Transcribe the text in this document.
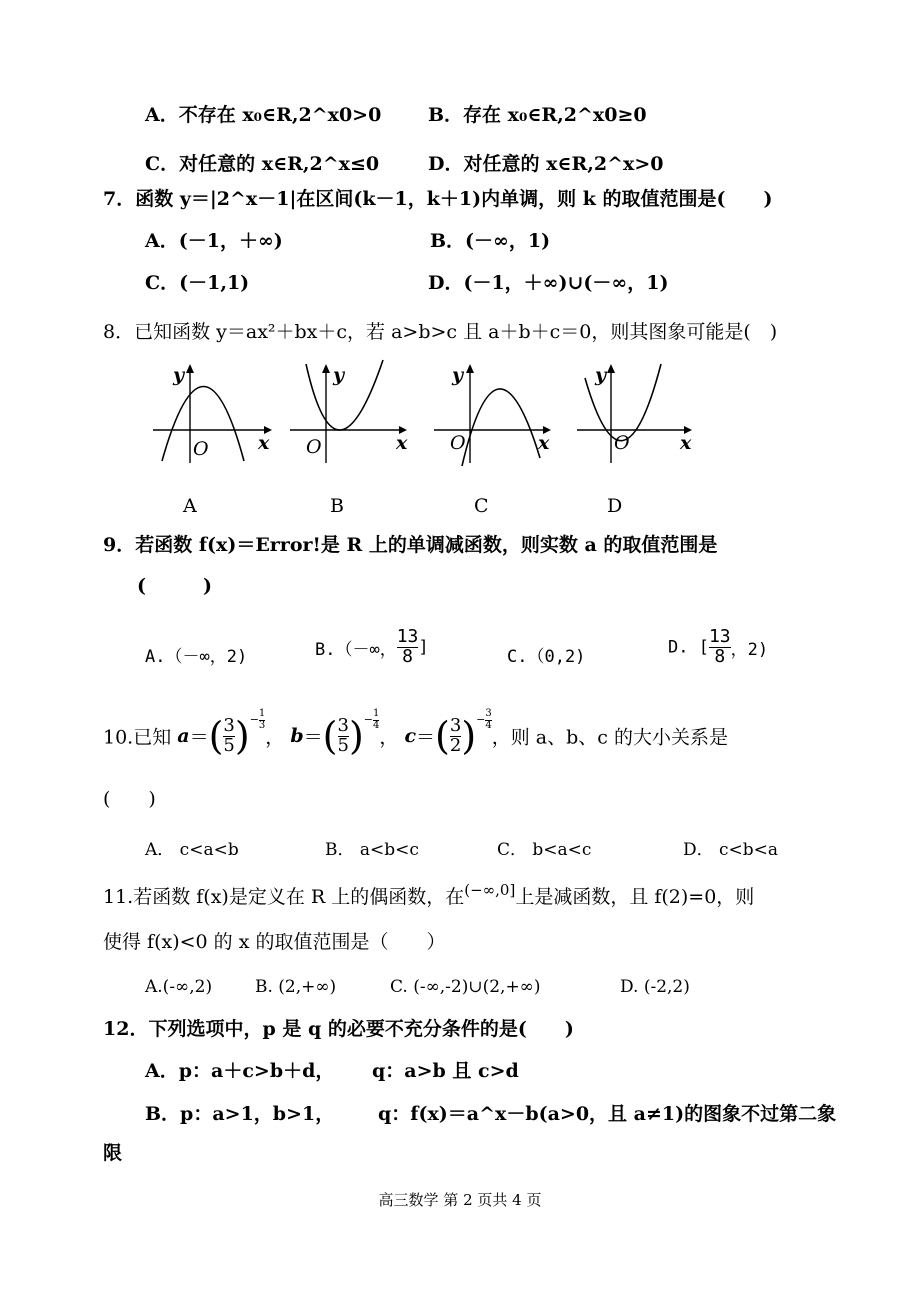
A．不存在 x₀∈R,2^x0>0 B．存在 x₀∈R,2^x0≥0
C．对任意的 x∈R,2^x≤0	D．对任意的 x∈R,2^x>0
7．函数 y＝|2^x－1|在区间(k－1，k＋1)内单调，则 k 的取值范围是(　　)
A．(－1，＋∞)	B．(－∞，1)
C．(－1,1)	D．(－1，＋∞)∪(－∞，1)
8．已知函数 y＝ax²＋bx＋c，若 a>b>c 且 a＋b＋c＝0，则其图象可能是(　)
y
x
O
A
y
x
O
B
y
x
O
C
y
x
O
D
9．若函数 f(x)＝Error!是 R 上的单调减函数，则实数 a 的取值范围是
(　　　)
A.（－∞，2)	B.（－∞， $\frac{13}{8}$ ]	C.（0,2)	D. [ $\frac{13}{8}$ ，2)
10.已知 $a=( \frac{3}{5} )^{- \frac{1}{3}}$
， $b=( \frac{3}{5} )^{- \frac{1}{4}}$
， $c=( \frac{3}{2} )^{- \frac{3}{4}}$
，则 a、b、c 的大小关系是
(　　)
A． c<a<b	B． a<b<c	C． b<a<c	D． c<b<a
11.若函数 f(x)是定义在 R 上的偶函数，在$^{(-\infty,0]}$上是减函数，且 f(2)=0，则
使得 f(x)<0 的 x 的取值范围是（　　）
A.(-∞,2)	B. (2,+∞)	C. (-∞,-2)∪(2,+∞)	D. (-2,2)
12．下列选项中，p 是 q 的必要不充分条件的是(　　)
A．p：a＋c>b＋d， q：a>b 且 c>d
B．p：a>1，b>1， q：f(x)＝a^x－b(a>0，且 a≠1)的图象不过第二象
限
高三数学 第 2 页共 4 页
